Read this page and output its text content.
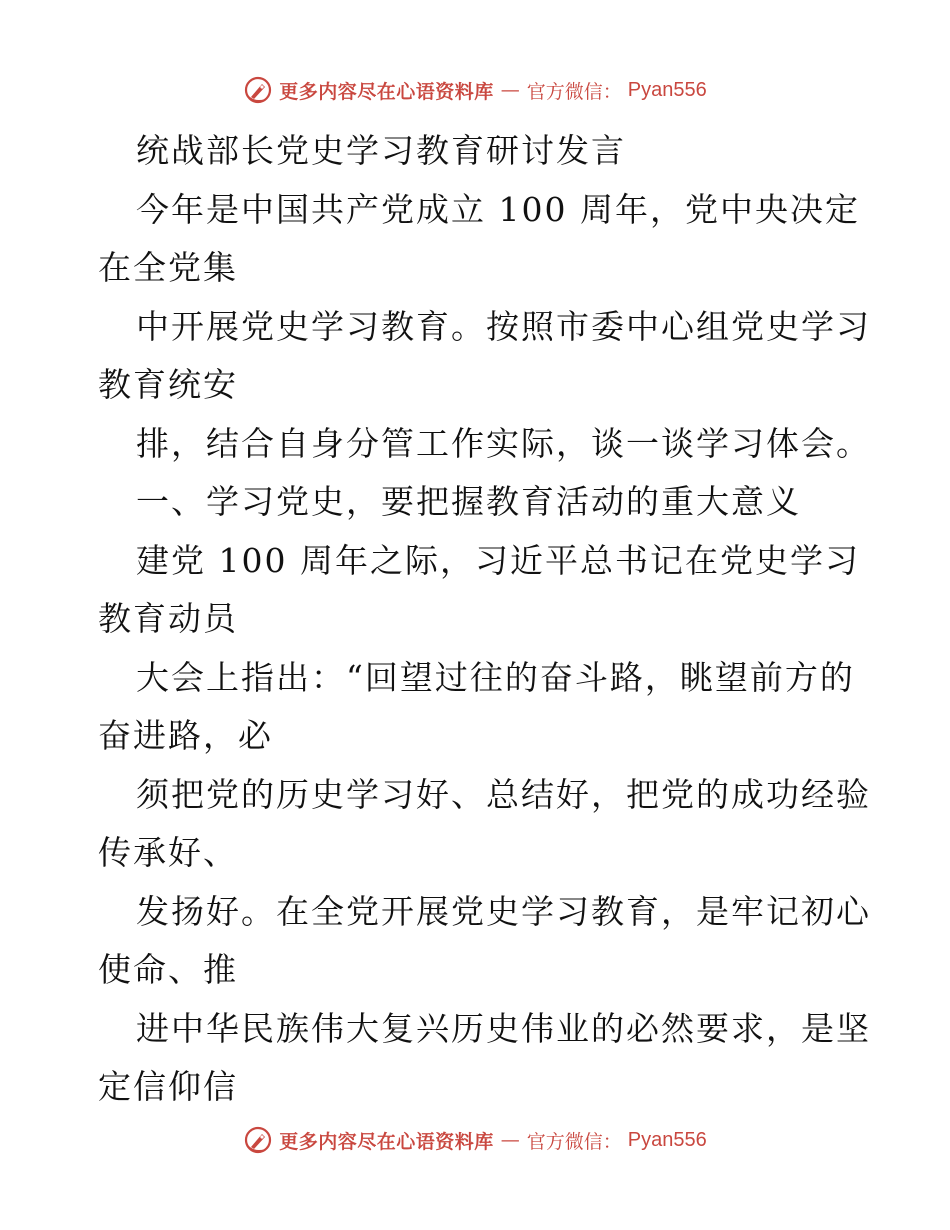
更多内容尽在心语资料库 — 官方微信： Pyan556
统战部长党史学习教育研讨发言
今年是中国共产党成立 100 周年，党中央决定
在全党集
中开展党史学习教育。按照市委中心组党史学习
教育统安
排，结合自身分管工作实际，谈一谈学习体会。
一、学习党史，要把握教育活动的重大意义
建党 100 周年之际，习近平总书记在党史学习
教育动员
大会上指出：“回望过往的奋斗路，眺望前方的
奋进路，必
须把党的历史学习好、总结好，把党的成功经验
传承好、
发扬好。在全党开展党史学习教育，是牢记初心
使命、推
进中华民族伟大复兴历史伟业的必然要求，是坚
定信仰信
更多内容尽在心语资料库 — 官方微信： Pyan556
